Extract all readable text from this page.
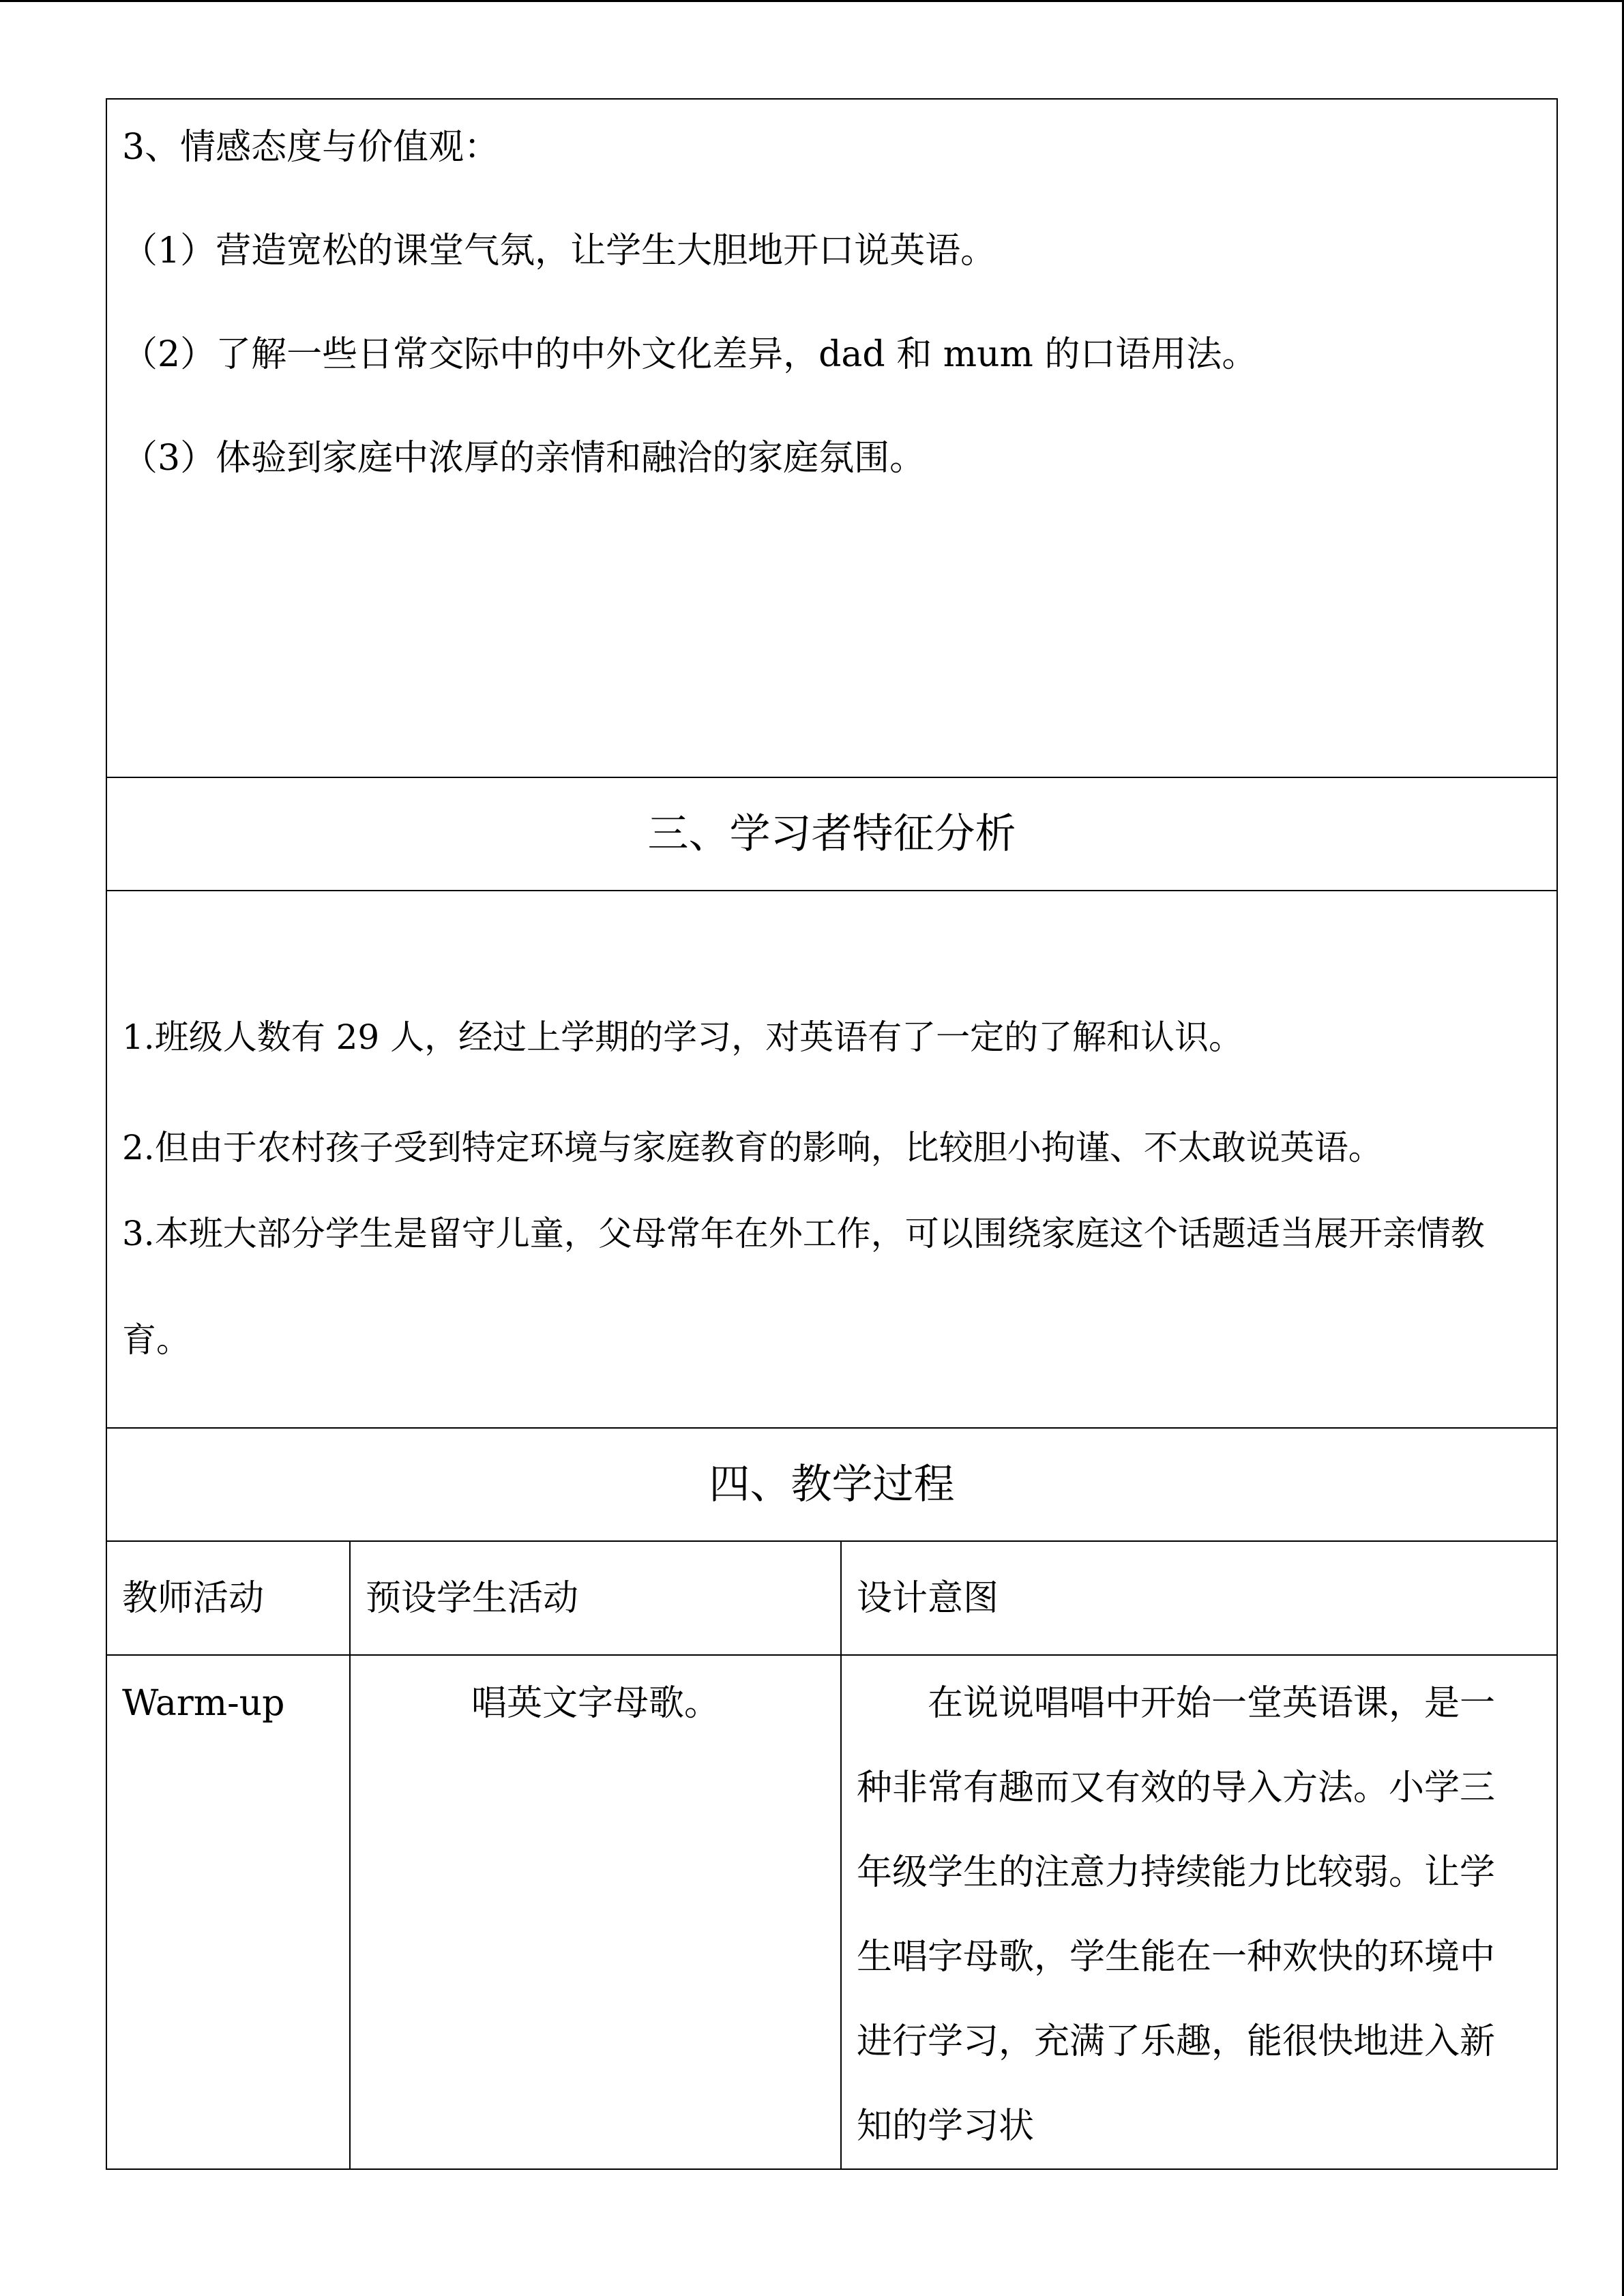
3、情感态度与价值观：

（1）营造宽松的课堂气氛，让学生大胆地开口说英语。

（2）了解一些日常交际中的中外文化差异，dad 和 mum 的口语用法。

（3）体验到家庭中浓厚的亲情和融洽的家庭氛围。		

三、学习者特征分析		

1.班级人数有 29 人，经过上学期的学习，对英语有了一定的了解和认识。

2.但由于农村孩子受到特定环境与家庭教育的影响，比较胆小拘谨、不太敢说英语。

3.本班大部分学生是留守儿童，父母常年在外工作，可以围绕家庭这个话题适当展开亲情教育。		

四、教学过程		

教师活动	预设学生活动	设计意图

Warm-up	唱英文字母歌。	在说说唱唱中开始一堂英语课，是一种非常有趣而又有效的导入方法。小学三年级学生的注意力持续能力比较弱。让学生唱字母歌，学生能在一种欢快的环境中进行学习，充满了乐趣，能很快地进入新知的学习状
